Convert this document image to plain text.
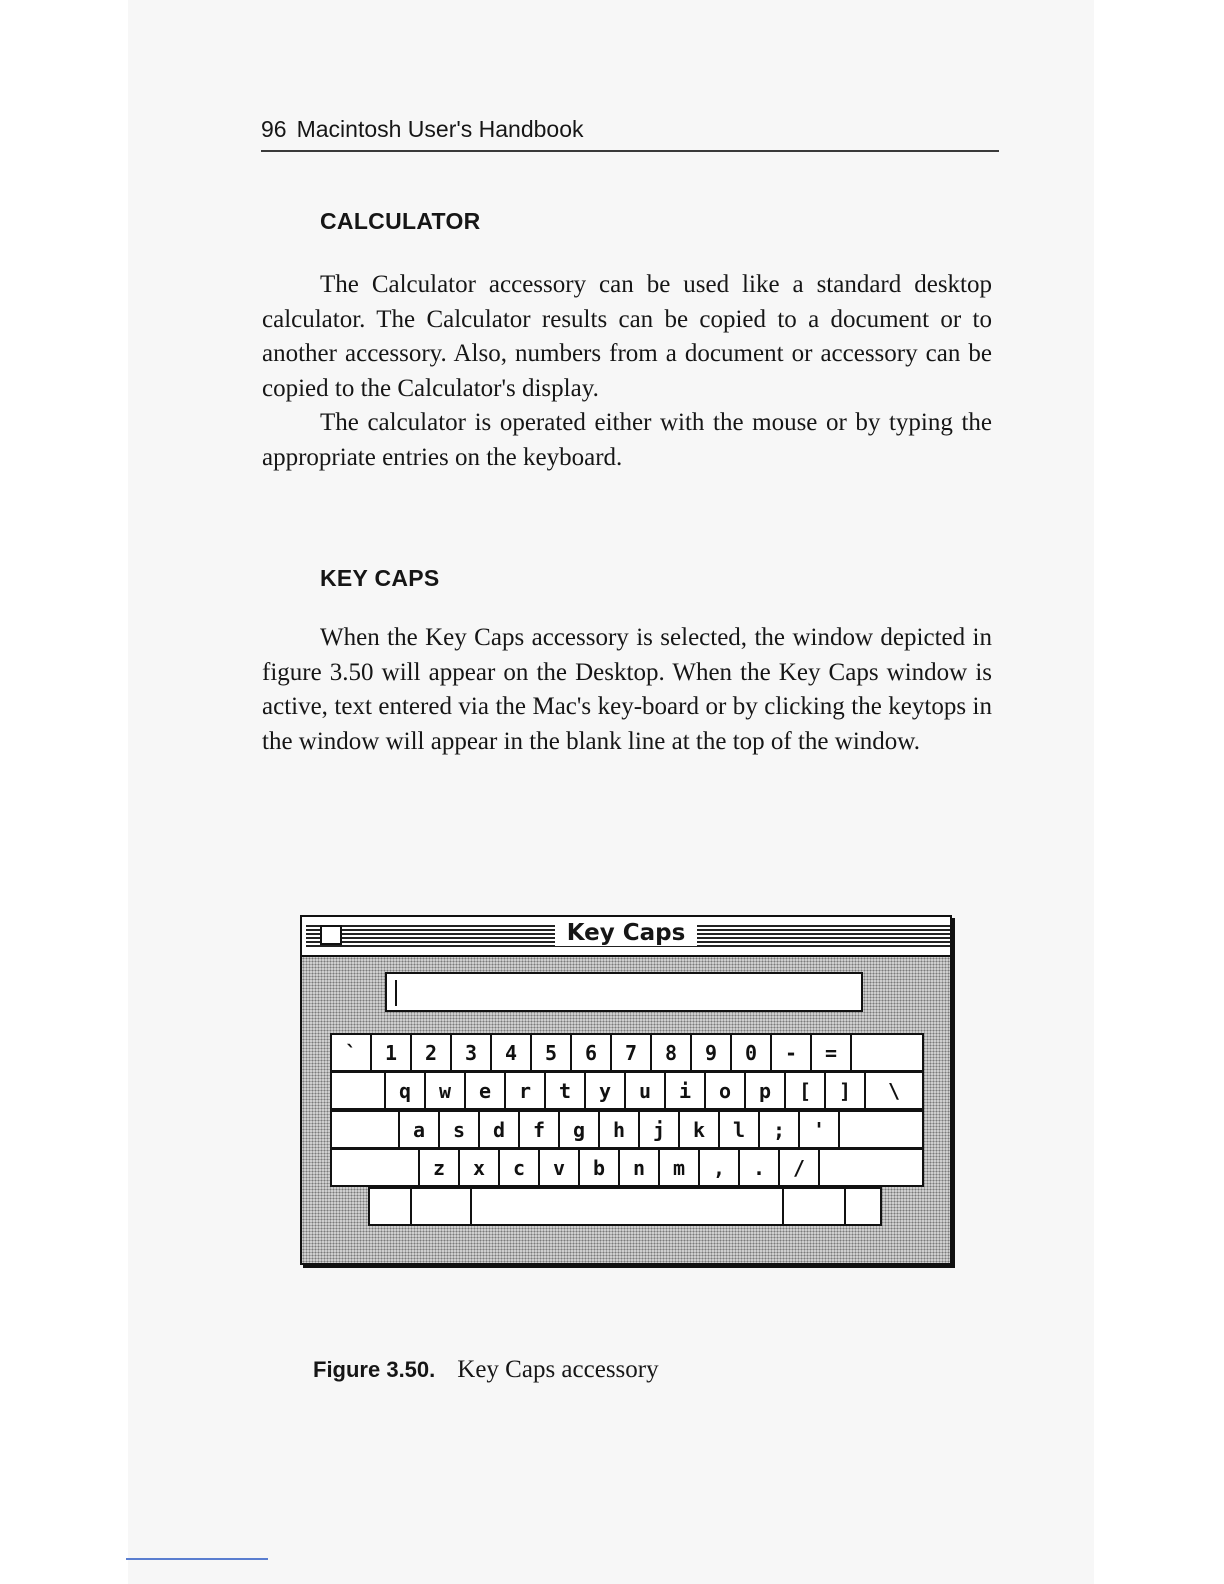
96 Macintosh User's Handbook
CALCULATOR

The Calculator accessory can be used like a standard desktop calculator. The Calculator results can be copied to a document or to another accessory. Also, numbers from a document or accessory can be copied to the Calculator's display.

The calculator is operated either with the mouse or by typing the appropriate entries on the keyboard.

KEY CAPS

When the Key Caps accessory is selected, the window depicted in figure 3.50 will appear on the Desktop. When the Key Caps window is active, text entered via the Mac's key-board or by clicking the keytops in the window will appear in the blank line at the top of the window.

Key Caps
`	1	2	3	4	5	6	7	8	9	0	-	=
q	w	e	r	t	y	u	i	o	p	[	]	\
a	s	d	f	g	h	j	k	l	;	'
z	x	c	v	b	n	m	,	.	/
Figure 3.50. Key Caps accessory
